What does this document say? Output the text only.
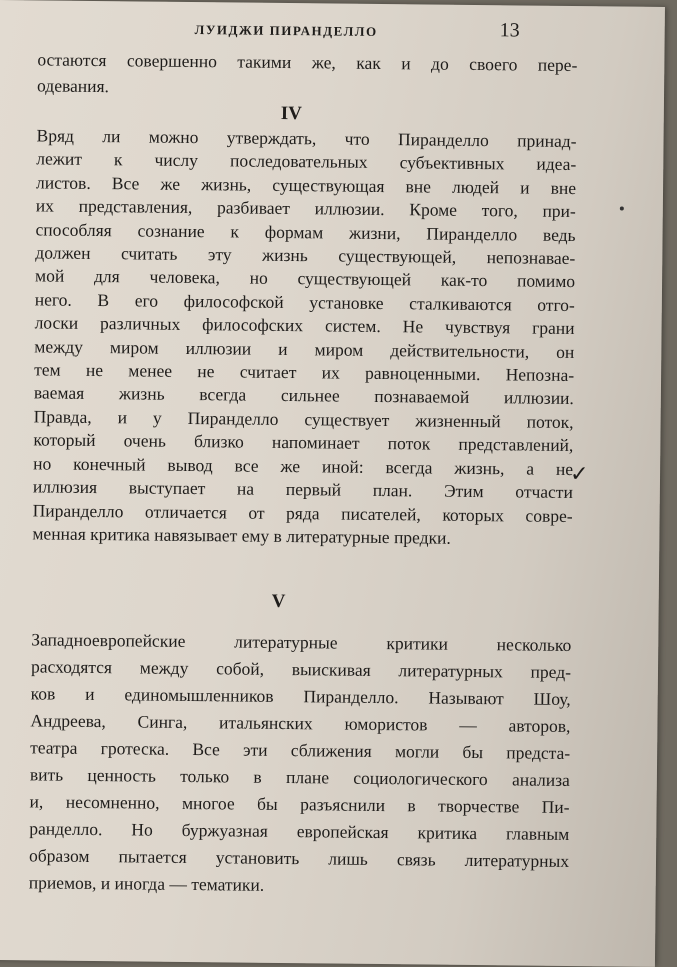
ЛУИДЖИ ПИРАНДЕЛЛО	13
остаются совершенно такими же, как и до своего пере-
одевания.
IV
Вряд ли можно утверждать, что Пиранделло принад-
лежит к числу последовательных субъективных идеа-
листов. Все же жизнь, существующая вне людей и вне
их представления, разбивает иллюзии. Кроме того, при-
способляя сознание к формам жизни, Пиранделло ведь
должен считать эту жизнь существующей, непознавае-
мой для человека, но существующей как-то помимо
него. В его философской установке сталкиваются отго-
лоски различных философских систем. Не чувствуя грани
между миром иллюзии и миром действительности, он
тем не менее не считает их равноценными. Непозна-
ваемая жизнь всегда сильнее познаваемой иллюзии.
Правда, и у Пиранделло существует жизненный поток,
который очень близко напоминает поток представлений,
но конечный вывод все же иной: всегда жизнь, а не
иллюзия выступает на первый план. Этим отчасти
Пиранделло отличается от ряда писателей, которых совре-
менная критика навязывает ему в литературные предки.
✓
V
Западноевропейские литературные критики несколько
расходятся между собой, выискивая литературных пред-
ков и единомышленников Пиранделло. Называют Шоу,
Андреева, Синга, итальянских юмористов — авторов,
театра гротеска. Все эти сближения могли бы предста-
вить ценность только в плане социологического анализа
и, несомненно, многое бы разъяснили в творчестве Пи-
ранделло. Но буржуазная европейская критика главным
образом пытается установить лишь связь литературных
приемов, и иногда — тематики.
